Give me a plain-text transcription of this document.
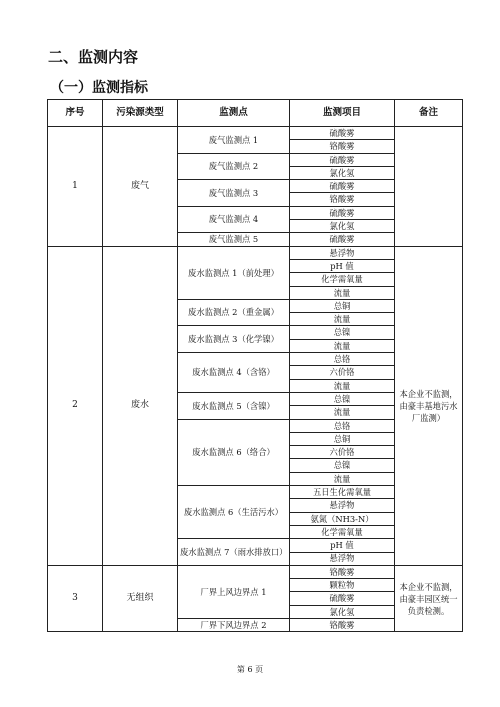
二、监测内容
（一）监测指标
序号	污染源类型	监测点	监测项目	备注
1	废气	废气监测点 1	硫酸雾	
			铬酸雾	
		废气监测点 2	硫酸雾	
			氯化氢	
		废气监测点 3	硫酸雾	
			铬酸雾	
		废气监测点 4	硫酸雾	
			氯化氢	
		废气监测点 5	硫酸雾	
2	废水	废水监测点 1（前处理）	悬浮物	本企业不监测，由豪丰基地污水厂监测）
			pH 值	
			化学需氧量	
			流量	
		废水监测点 2（重金属）	总铜	
			流量	
		废水监测点 3（化学镍）	总镍	
			流量	
		废水监测点 4（含铬）	总铬	
			六价铬	
			流量	
		废水监测点 5（含镍）	总镍	
			流量	
		废水监测点 6（络合）	总铬	
			总铜	
			六价铬	
			总镍	
			流量	
		废水监测点 6（生活污水）	五日生化需氧量	
			悬浮物	
			氨氮（NH3-N）	
			化学需氧量	
		废水监测点 7（雨水排放口）	pH 值	
			悬浮物	
3	无组织	厂界上风边界点 1	铬酸雾	本企业不监测，由豪丰园区统一负责检测。
			颗粒物	
			硫酸雾	
			氯化氢	
		厂界下风边界点 2	铬酸雾	
第 6 页
